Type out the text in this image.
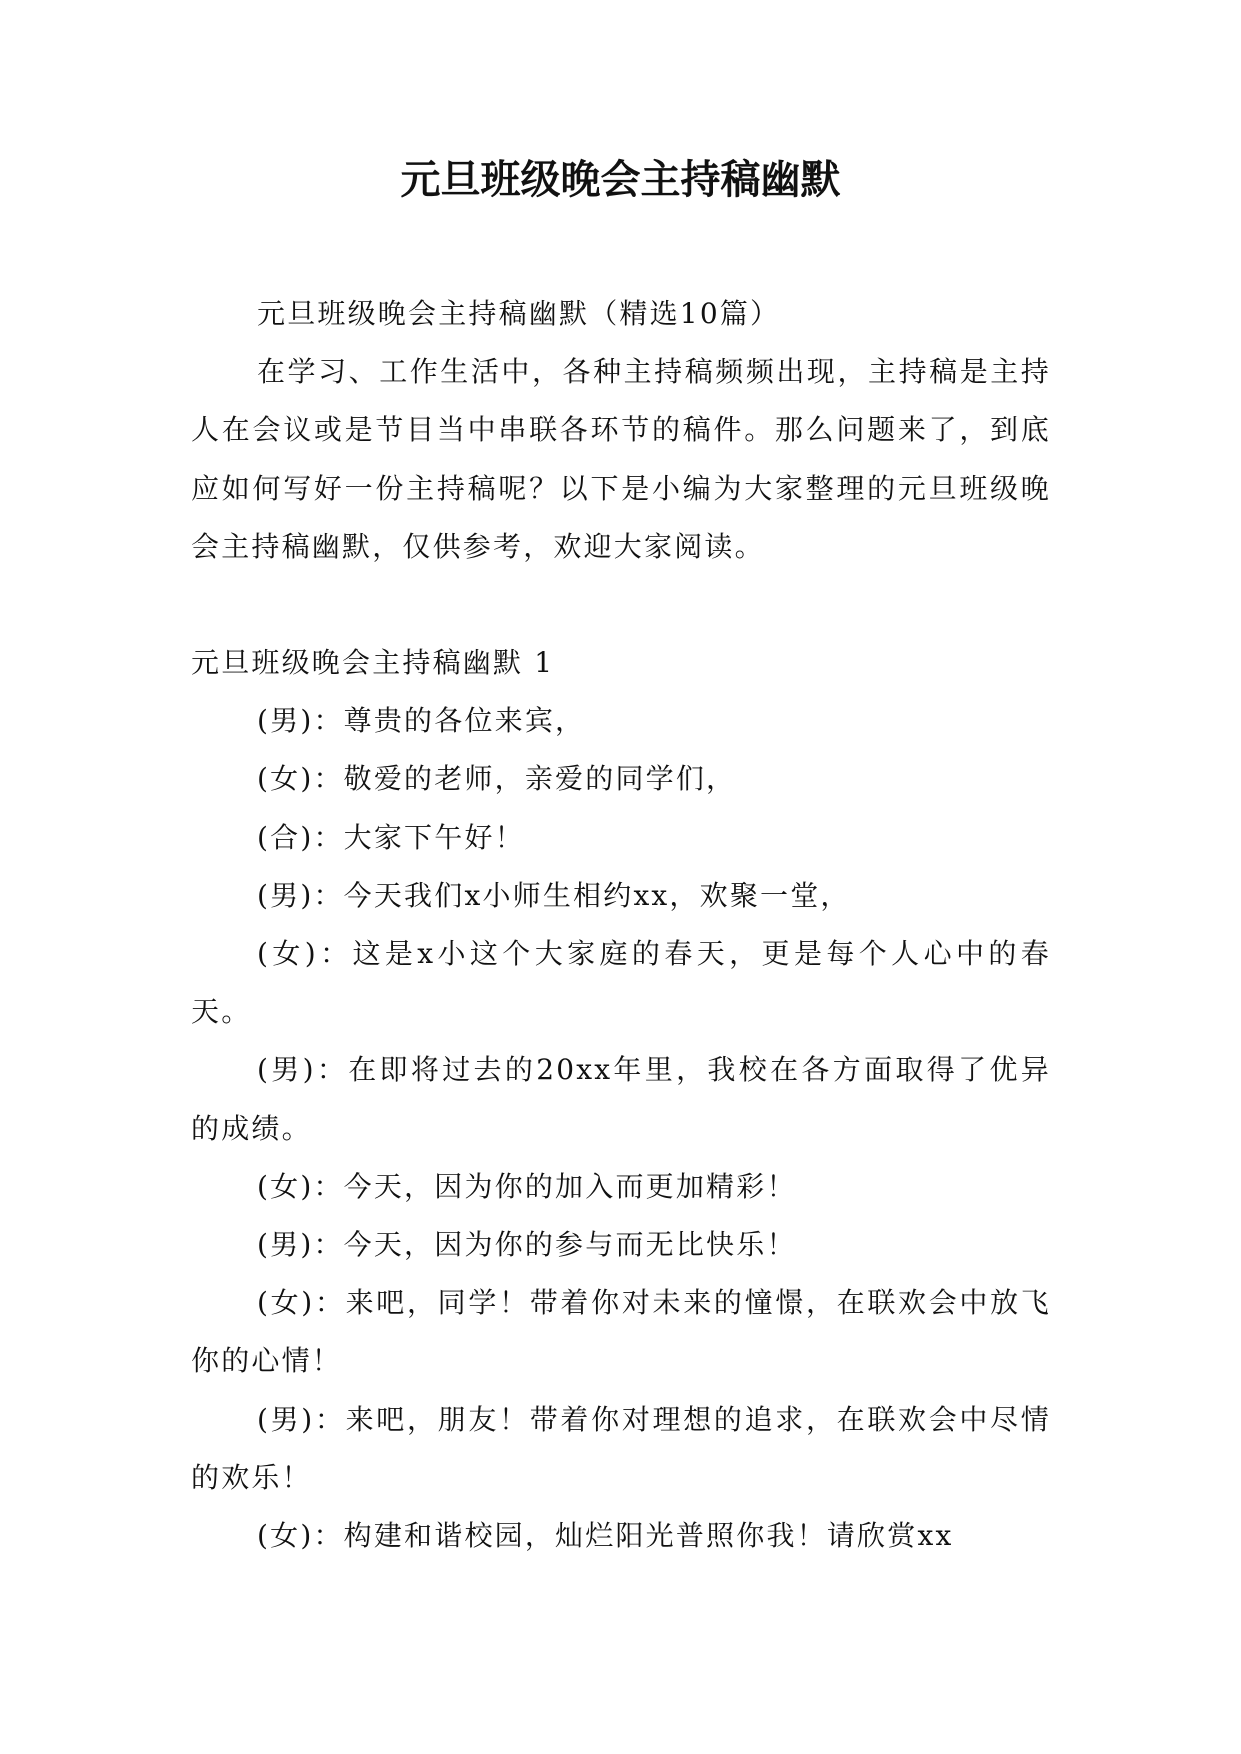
元旦班级晚会主持稿幽默

元旦班级晚会主持稿幽默（精选10篇）

在学习、工作生活中，各种主持稿频频出现，主持稿是主持人在会议或是节目当中串联各环节的稿件。那么问题来了，到底应如何写好一份主持稿呢？以下是小编为大家整理的元旦班级晚会主持稿幽默，仅供参考，欢迎大家阅读。

元旦班级晚会主持稿幽默 1

(男)：尊贵的各位来宾，

(女)：敬爱的老师，亲爱的同学们，

(合)：大家下午好！

(男)：今天我们x小师生相约xx，欢聚一堂，

(女)：这是x小这个大家庭的春天，更是每个人心中的春天。

(男)：在即将过去的20xx年里，我校在各方面取得了优异的成绩。

(女)：今天，因为你的加入而更加精彩！

(男)：今天，因为你的参与而无比快乐！

(女)：来吧，同学！带着你对未来的憧憬，在联欢会中放飞你的心情！

(男)：来吧，朋友！带着你对理想的追求，在联欢会中尽情的欢乐！

(女)：构建和谐校园，灿烂阳光普照你我！请欣赏xx
